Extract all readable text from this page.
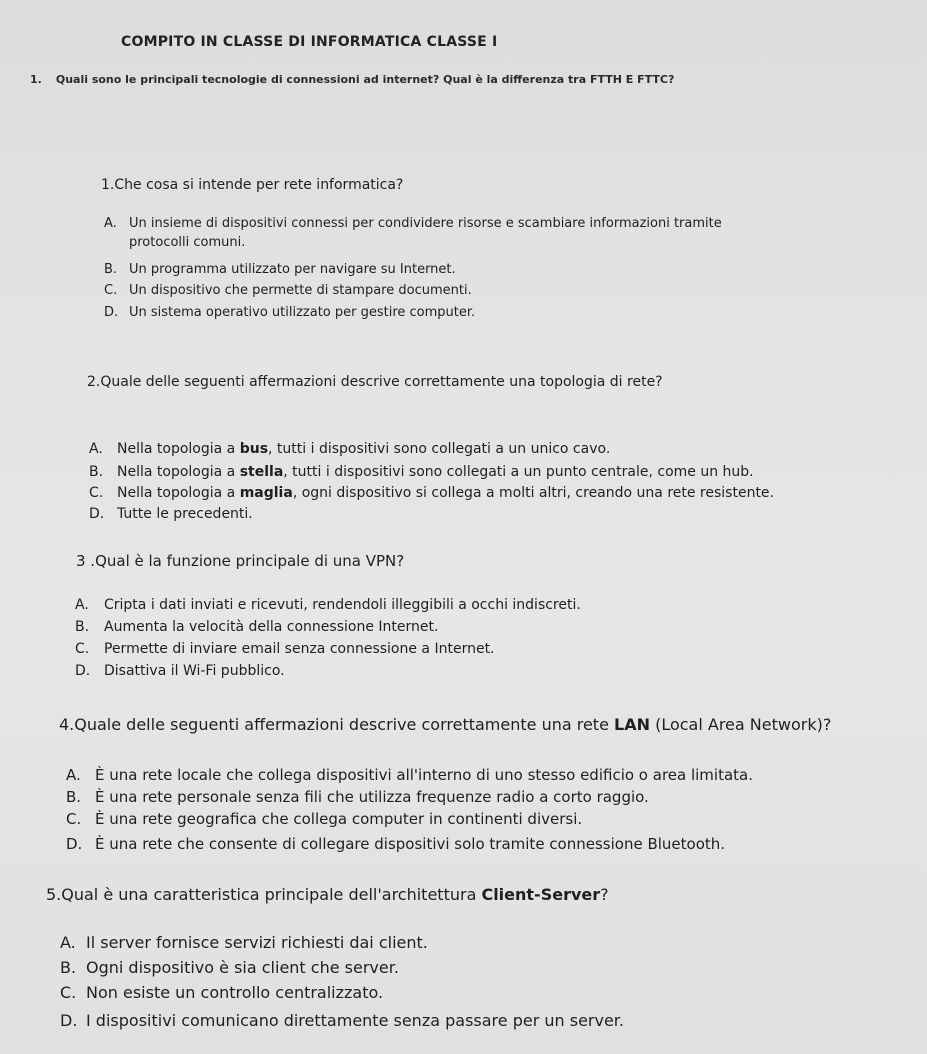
COMPITO IN CLASSE DI INFORMATICA CLASSE I
1. Quali sono le principali tecnologie di connessioni ad internet? Qual è la differenza tra FTTH E FTTC?
1.Che cosa si intende per rete informatica?
A. Un insieme di dispositivi connessi per condividere risorse e scambiare informazioni tramite
protocolli comuni.
B. Un programma utilizzato per navigare su Internet.
C. Un dispositivo che permette di stampare documenti.
D. Un sistema operativo utilizzato per gestire computer.
2.Quale delle seguenti affermazioni descrive correttamente una topologia di rete?
A. Nella topologia a bus, tutti i dispositivi sono collegati a un unico cavo.
B. Nella topologia a stella, tutti i dispositivi sono collegati a un punto centrale, come un hub.
C. Nella topologia a maglia, ogni dispositivo si collega a molti altri, creando una rete resistente.
D. Tutte le precedenti.
3 .Qual è la funzione principale di una VPN?
A. Cripta i dati inviati e ricevuti, rendendoli illeggibili a occhi indiscreti.
B. Aumenta la velocità della connessione Internet.
C. Permette di inviare email senza connessione a Internet.
D. Disattiva il Wi-Fi pubblico.
4.Quale delle seguenti affermazioni descrive correttamente una rete LAN (Local Area Network)?
A. È una rete locale che collega dispositivi all'interno di uno stesso edificio o area limitata.
B. È una rete personale senza fili che utilizza frequenze radio a corto raggio.
C. È una rete geografica che collega computer in continenti diversi.
D. È una rete che consente di collegare dispositivi solo tramite connessione Bluetooth.
5.Qual è una caratteristica principale dell'architettura Client-Server?
A. Il server fornisce servizi richiesti dai client.
B. Ogni dispositivo è sia client che server.
C. Non esiste un controllo centralizzato.
D. I dispositivi comunicano direttamente senza passare per un server.
